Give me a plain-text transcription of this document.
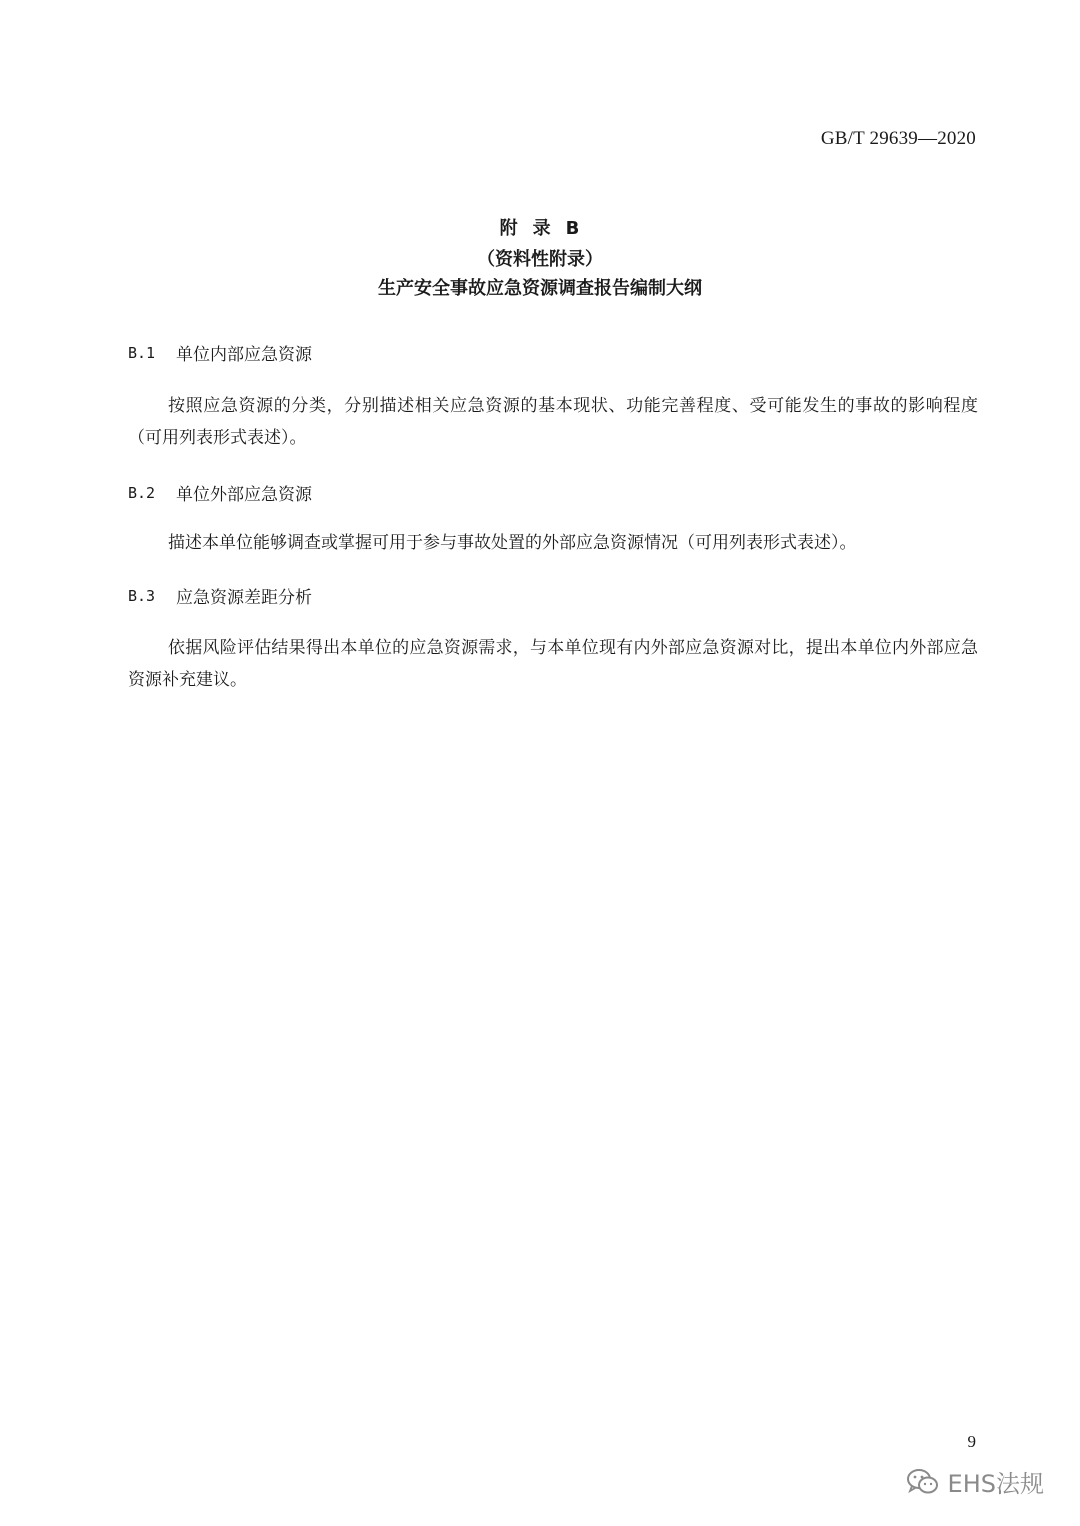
GB/T 29639—2020
附 录 B
（资料性附录）
生产安全事故应急资源调查报告编制大纲
B.1	单位内部应急资源
按照应急资源的分类，分别描述相关应急资源的基本现状、功能完善程度、受可能发生的事故的影响程度（可用列表形式表述）。
B.2	单位外部应急资源
描述本单位能够调查或掌握可用于参与事故处置的外部应急资源情况（可用列表形式表述）。
B.3	应急资源差距分析
依据风险评估结果得出本单位的应急资源需求，与本单位现有内外部应急资源对比，提出本单位内外部应急资源补充建议。
9
EHS法规
